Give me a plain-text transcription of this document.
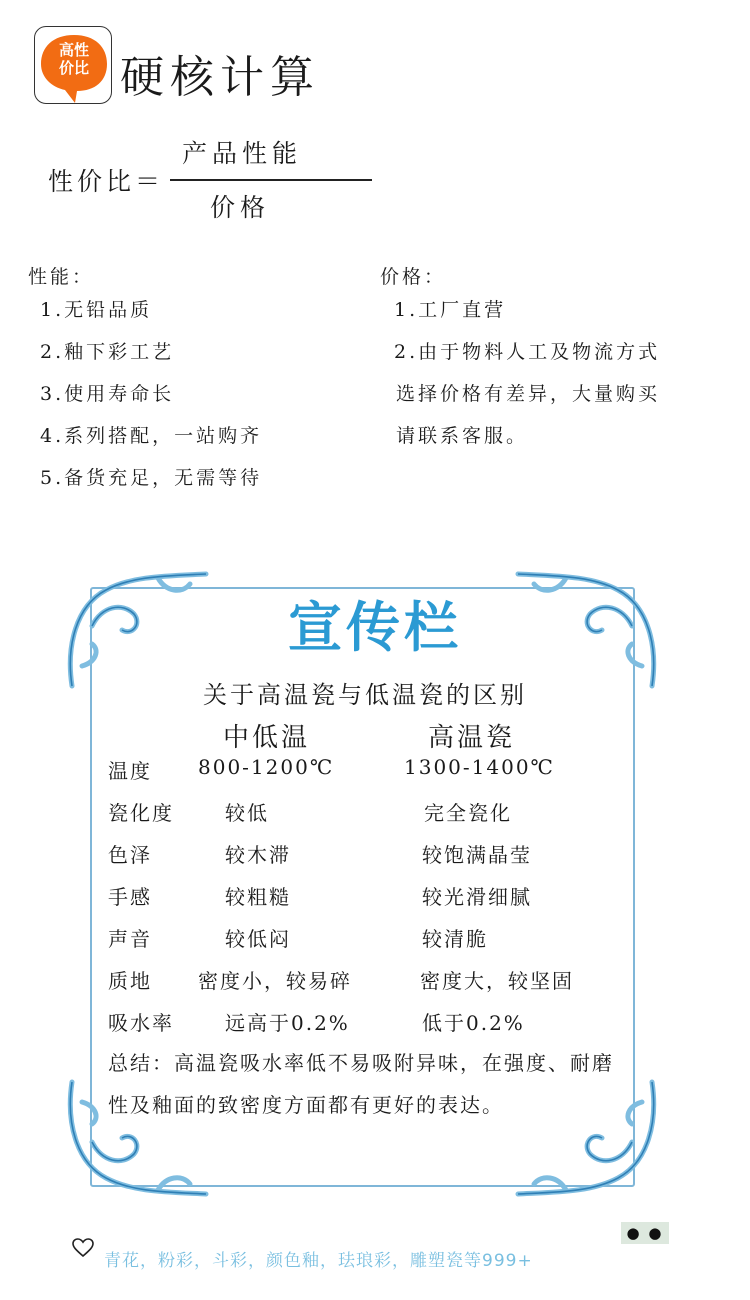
高性
价比 硬核计算
性价比＝
产品性能
价格
性能：
1.无铅品质
2.釉下彩工艺
3.使用寿命长
4.系列搭配，一站购齐
5.备货充足，无需等待
价格：
1.工厂直营
2.由于物料人工及物流方式
选择价格有差异，大量购买
请联系客服。
宣传栏
关于高温瓷与低温瓷的区别
中低温	高温瓷
温度 800-1200℃	1300-1400℃
瓷化度	较低	完全瓷化
色泽	较木滞	较饱满晶莹
手感	较粗糙	较光滑细腻
声音	较低闷	较清脆
质地 密度小，较易碎	密度大，较坚固
吸水率	远高于0.2%	低于0.2%
总结：高温瓷吸水率低不易吸附异味，在强度、耐磨性及釉面的致密度方面都有更好的表达。
● ●
青花，粉彩，斗彩，颜色釉，珐琅彩，雕塑瓷等999+
